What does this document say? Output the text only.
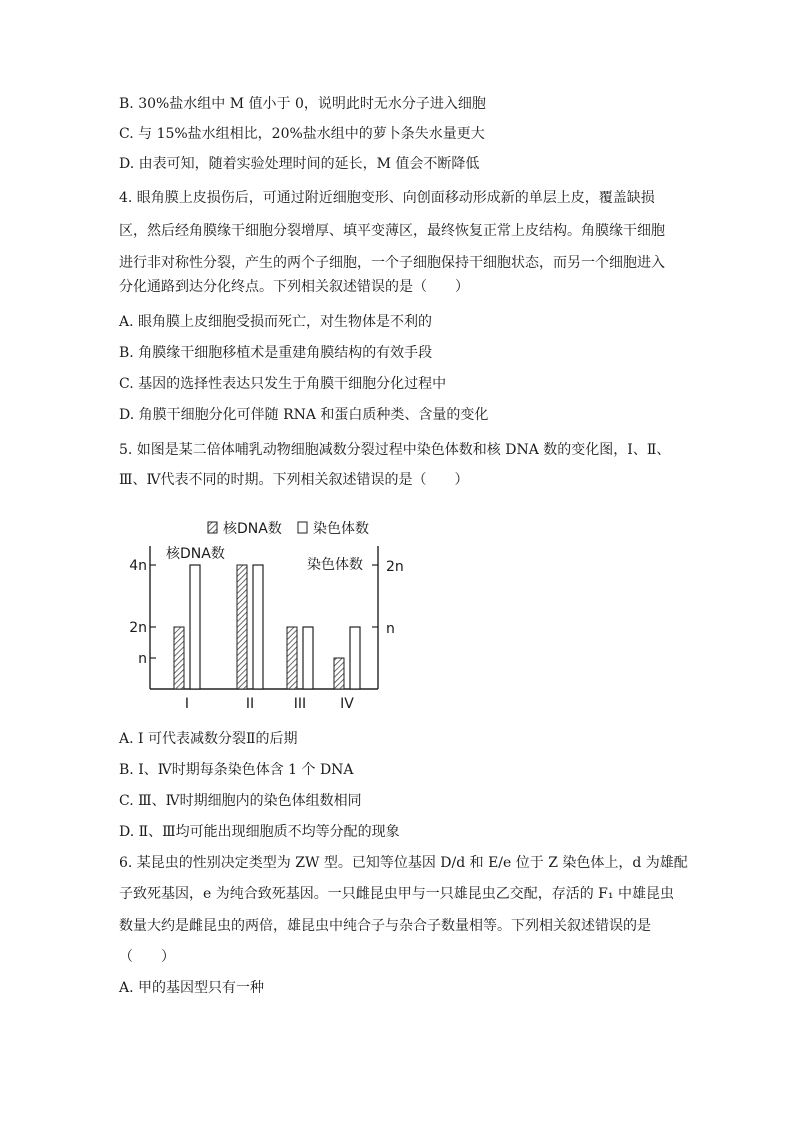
B. 30%盐水组中 M 值小于 0，说明此时无水分子进入细胞
C. 与 15%盐水组相比，20%盐水组中的萝卜条失水量更大
D. 由表可知，随着实验处理时间的延长，M 值会不断降低
4. 眼角膜上皮损伤后，可通过附近细胞变形、向创面移动形成新的单层上皮，覆盖缺损
区，然后经角膜缘干细胞分裂增厚、填平变薄区，最终恢复正常上皮结构。角膜缘干细胞
进行非对称性分裂，产生的两个子细胞，一个子细胞保持干细胞状态，而另一个细胞进入
分化通路到达分化终点。下列相关叙述错误的是（　　）
A. 眼角膜上皮细胞受损而死亡，对生物体是不利的
B. 角膜缘干细胞移植术是重建角膜结构的有效手段
C. 基因的选择性表达只发生于角膜干细胞分化过程中
D. 角膜干细胞分化可伴随 RNA 和蛋白质种类、含量的变化
5. 如图是某二倍体哺乳动物细胞减数分裂过程中染色体数和核 DNA 数的变化图，I、Ⅱ、
Ⅲ、Ⅳ代表不同的时期。下列相关叙述错误的是（　　）
A. I 可代表减数分裂Ⅱ的后期
B. I、Ⅳ时期每条染色体含 1 个 DNA
C. Ⅲ、Ⅳ时期细胞内的染色体组数相同
D. Ⅱ、Ⅲ均可能出现细胞质不均等分配的现象
6. 某昆虫的性别决定类型为 ZW 型。已知等位基因 D/d 和 E/e 位于 Z 染色体上，d 为雄配
子致死基因，e 为纯合致死基因。一只雌昆虫甲与一只雄昆虫乙交配，存活的 F₁ 中雄昆虫
数量大约是雌昆虫的两倍，雄昆虫中纯合子与杂合子数量相等。下列相关叙述错误的是
（　　）
A. 甲的基因型只有一种
核DNA数 染色体数
核DNA数
染色体数
4n
2n
n
2n
n
I	II	III IV
